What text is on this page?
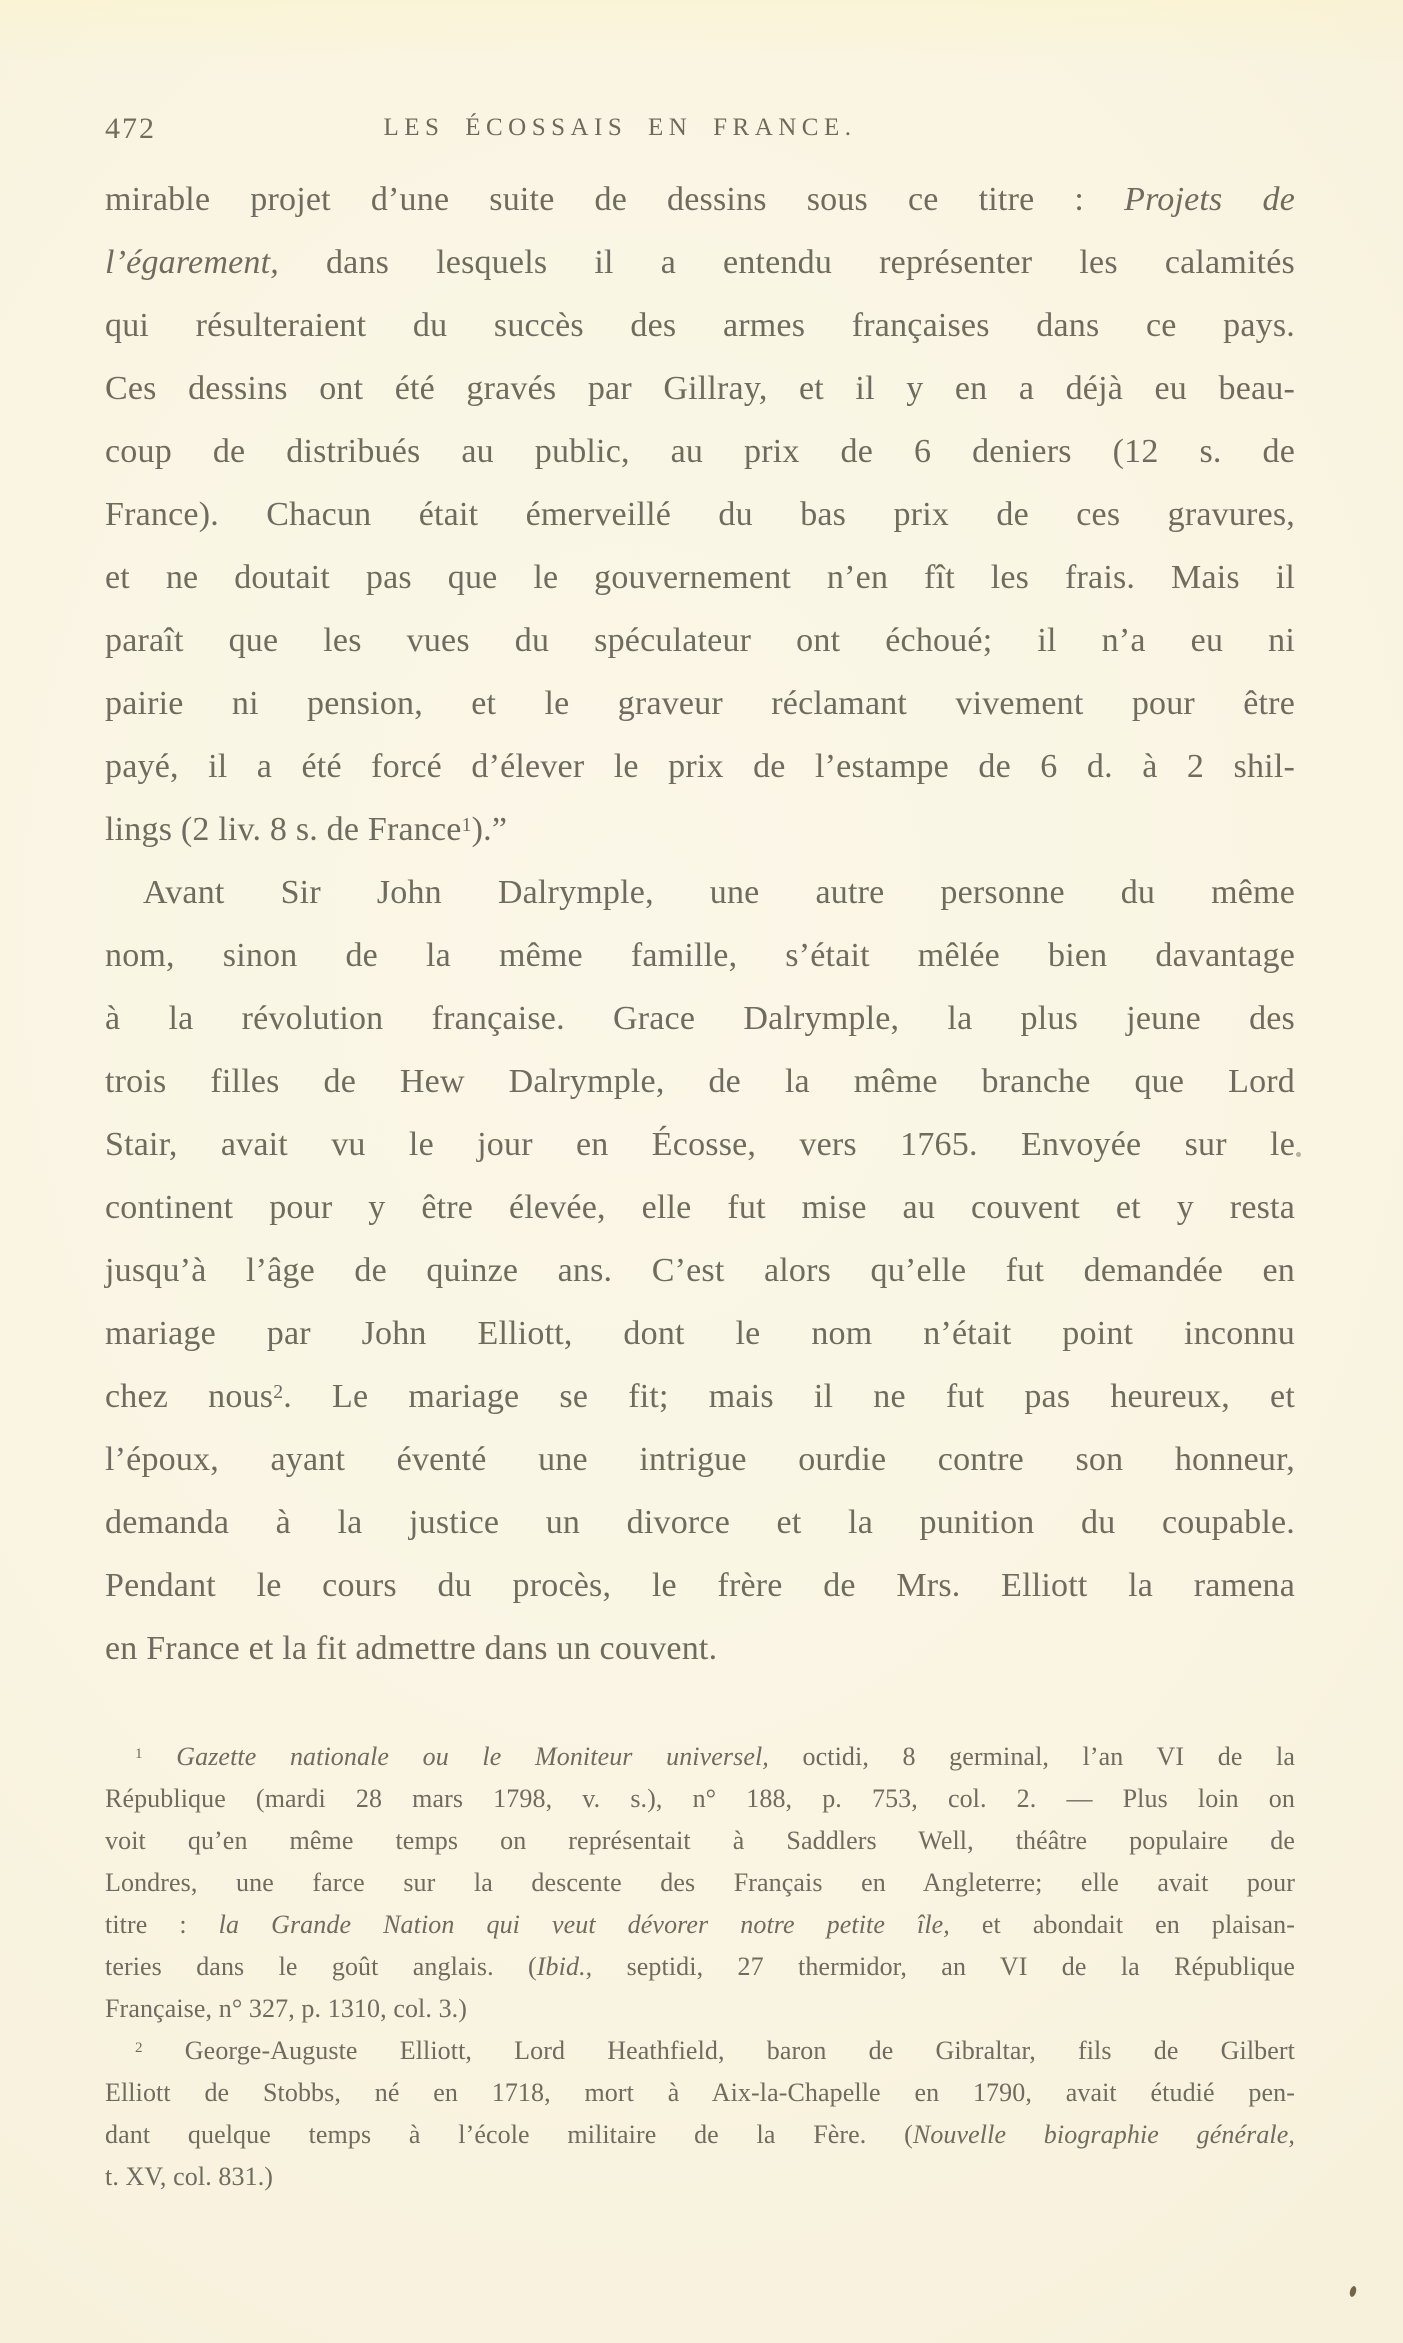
472	LES ÉCOSSAIS EN FRANCE.
mirable projet d’une suite de dessins sous ce titre : Projets de
l’égarement, dans lesquels il a entendu représenter les calamités
qui résulteraient du succès des armes françaises dans ce pays.
Ces dessins ont été gravés par Gillray, et il y en a déjà eu beau-
coup de distribués au public, au prix de 6 deniers (12 s. de
France). Chacun était émerveillé du bas prix de ces gravures,
et ne doutait pas que le gouvernement n’en fît les frais. Mais il
paraît que les vues du spéculateur ont échoué; il n’a eu ni
pairie ni pension, et le graveur réclamant vivement pour être
payé, il a été forcé d’élever le prix de l’estampe de 6 d. à 2 shil-
lings (2 liv. 8 s. de France$^1$).”
Avant Sir John Dalrymple, une autre personne du même
nom, sinon de la même famille, s’était mêlée bien davantage
à la révolution française. Grace Dalrymple, la plus jeune des
trois filles de Hew Dalrymple, de la même branche que Lord
Stair, avait vu le jour en Écosse, vers 1765. Envoyée sur le
continent pour y être élevée, elle fut mise au couvent et y resta
jusqu’à l’âge de quinze ans. C’est alors qu’elle fut demandée en
mariage par John Elliott, dont le nom n’était point inconnu
chez nous$^2$. Le mariage se fit; mais il ne fut pas heureux, et
l’époux, ayant éventé une intrigue ourdie contre son honneur,
demanda à la justice un divorce et la punition du coupable.
Pendant le cours du procès, le frère de Mrs. Elliott la ramena
en France et la fit admettre dans un couvent.
$^1$ Gazette nationale ou le Moniteur universel, octidi, 8 germinal, l’an VI de la
République (mardi 28 mars 1798, v. s.), n° 188, p. 753, col. 2. — Plus loin on
voit qu’en même temps on représentait à Saddlers Well, théâtre populaire de
Londres, une farce sur la descente des Français en Angleterre; elle avait pour
titre : la Grande Nation qui veut dévorer notre petite île, et abondait en plaisan-
teries dans le goût anglais. (Ibid., septidi, 27 thermidor, an VI de la République
Française, n° 327, p. 1310, col. 3.)
$^2$ George-Auguste Elliott, Lord Heathfield, baron de Gibraltar, fils de Gilbert
Elliott de Stobbs, né en 1718, mort à Aix-la-Chapelle en 1790, avait étudié pen-
dant quelque temps à l’école militaire de la Fère. (Nouvelle biographie générale,
t. XV, col. 831.)
